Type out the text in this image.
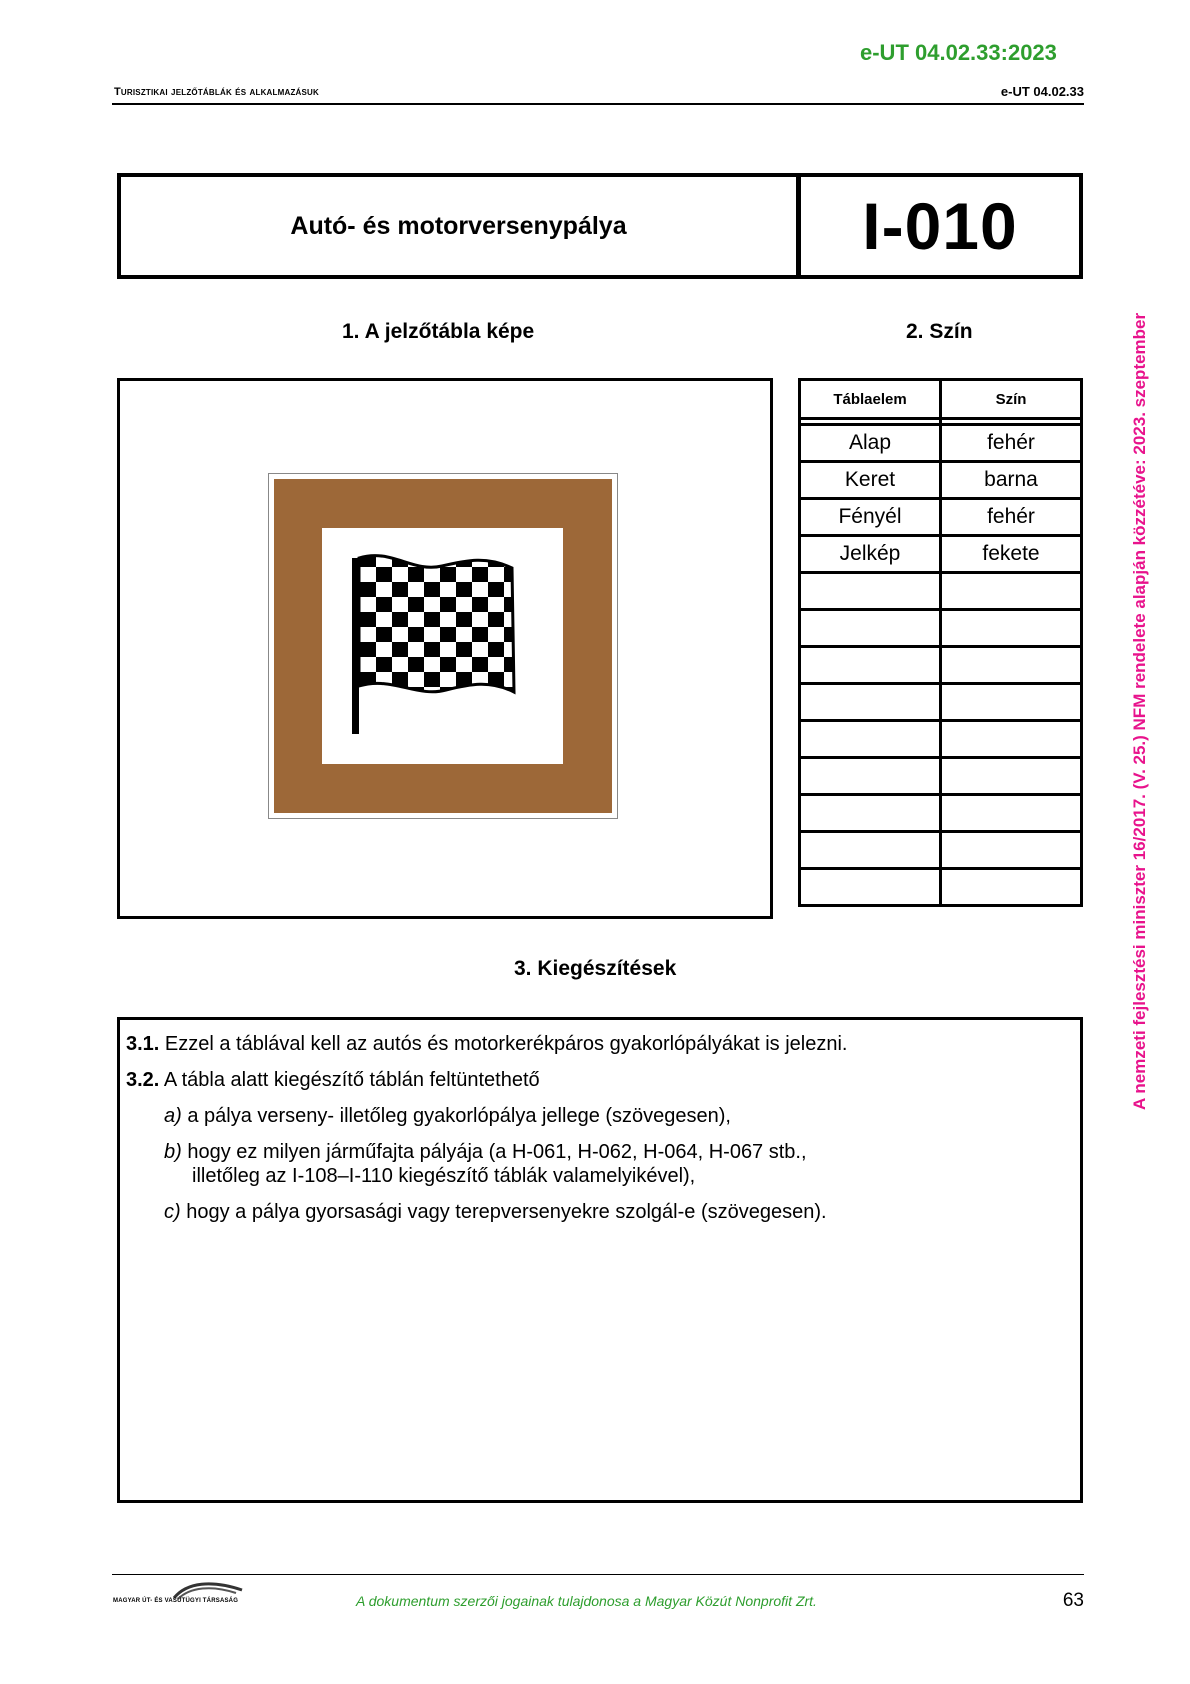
e-UT 04.02.33:2023
Turisztikai jelzőtáblák és alkalmazásuk	e-UT 04.02.33
Autó- és motorversenypálya	I-010
1. A jelzőtábla képe	2. Szín
Táblaelem	Szín

Alap	fehér
Keret	barna
Fényél	fehér
Jelkép	fekete

3. Kiegészítések
3.1. Ezzel a táblával kell az autós és motorkerékpáros gyakorlópályákat is jelezni.
3.2. A tábla alatt kiegészítő táblán feltüntethető
a) a pálya verseny- illetőleg gyakorlópálya jellege (szövegesen),
b) hogy ez milyen járműfajta pályája (a H-061, H-062, H-064, H-067 stb.,
illetőleg az I-108–I-110 kiegészítő táblák valamelyikével),
c) hogy a pálya gyorsasági vagy terepversenyekre szolgál-e (szövegesen).
A nemzeti fejlesztési miniszter 16/2017. (V. 25.) NFM rendelete alapján közzétéve: 2023. szeptember
MAGYAR ÚT- ÉS VASÚTÜGYI TÁRSASÁG	A dokumentum szerzői jogainak tulajdonosa a Magyar Közút Nonprofit Zrt.	63
